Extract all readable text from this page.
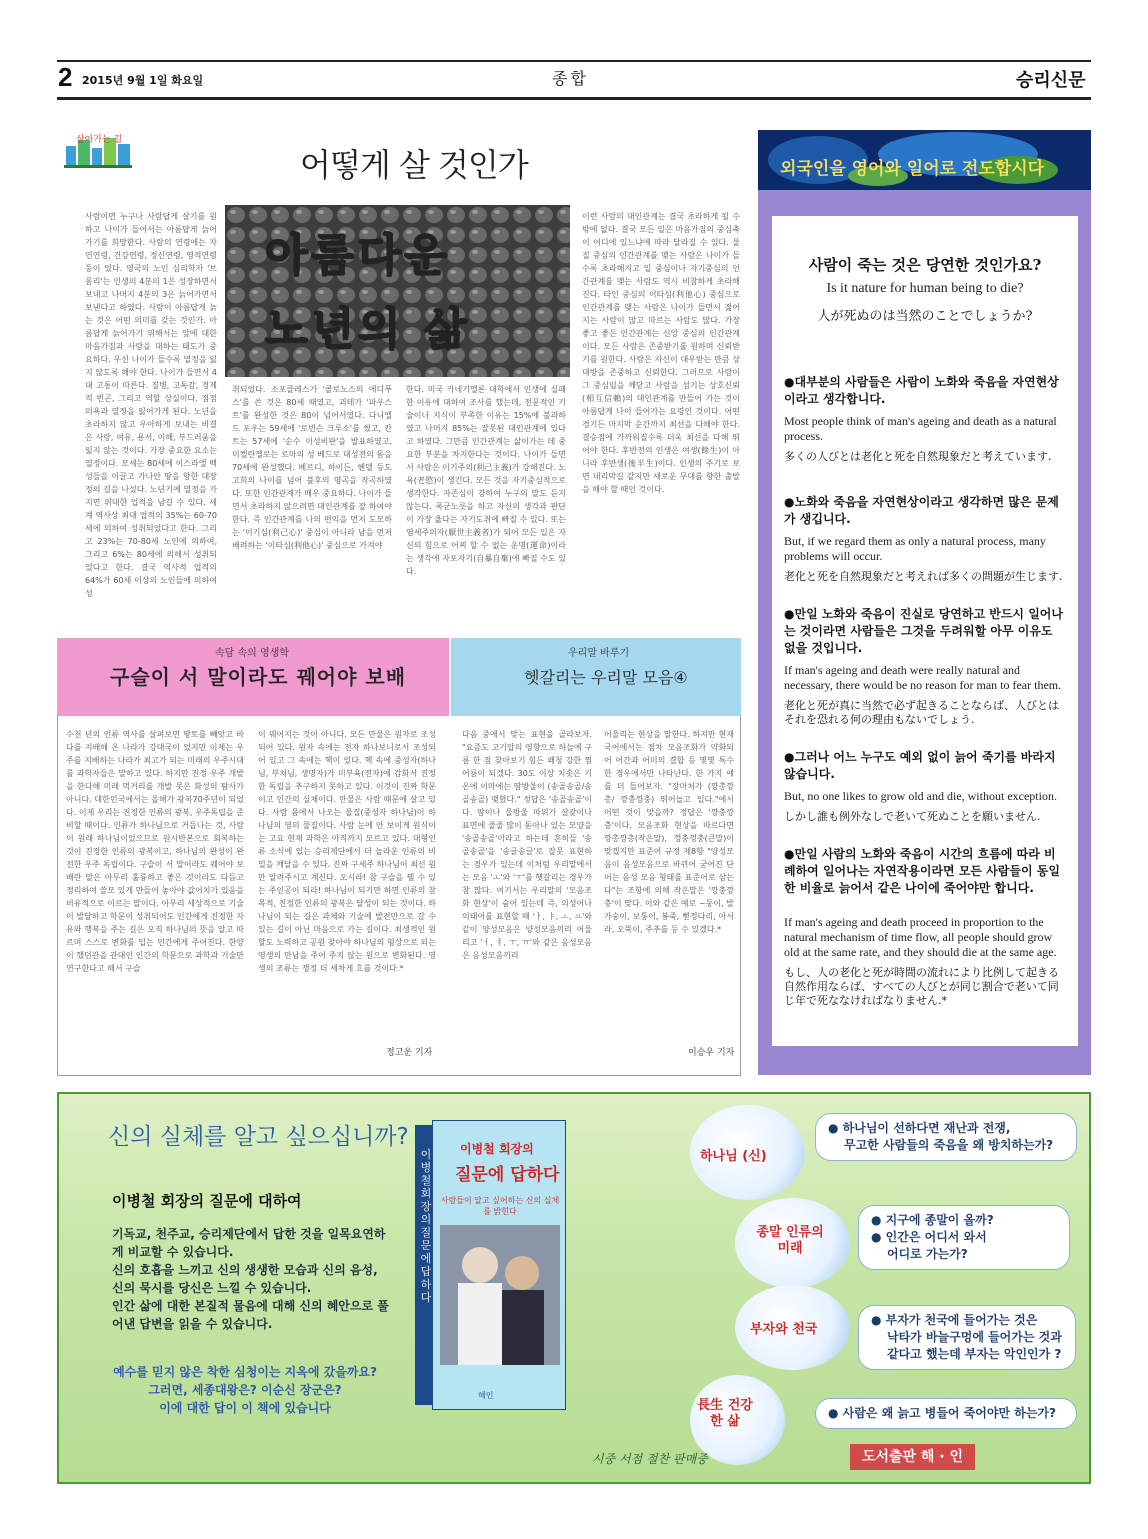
2 2015년 9월 1일 화요일	종합	승리신문
살아가는 길
어떻게 살 것인가
아름다운
노년의 삶
사람이면 누구나 사람답게 살기를 원하고 나이가 들어서는 아름답게 늙어가기를 희망한다. 사람의 연령에는 자연연령, 건강연령, 정신연령, 영적연령 등이 있다. 영국의 노인 심리학자 '브롬리'는 인생의 4분의 1은 성장하면서 보내고 나머지 4분의 3은 늙어가면서 보낸다고 하였다. 사람이 아름답게 늙는 것은 어떤 의미를 갖는 것인가. 아름답게 늙어가기 위해서는 앞에 대한 마음가짐과 사람을 대하는 태도가 중요하다. 우선 나이가 들수록 열정을 잃지 않도록 해야 한다. 나이가 들면서 4대 고통이 따른다. 질병, 고독감, 경제적 빈곤, 그리고 역할 상실이다. 점점 의욕과 열정을 잃어가게 된다. 노년을 초라하지 않고 우아하게 보내는 비결은 사랑, 여유, 용서, 이해, 부드러움을 잃지 않는 것이다. 가장 중요한 요소는 열정이다. 모세는 80세에 이스라엘 백성들을 이끌고 가나안 땅을 향한 대장정의 길을 나섰다. 노년기에 열정을 가지면 위대한 업적을 남길 수 있다. 세계 역사상 최대 업적의 35%는 60-70세에 의하여 성취되었다고 한다. 그리고 23%는 70-80세 노인에 의하여, 그리고 6%는 80세에 의해서 성취되었다고 한다. 결국 역사적 업적의 64%가 60세 이상의 노인들에 의하여 성
취되었다. 소포클레스가 '콜로노스의 에디푸스'를 쓴 것은 80세 때였고, 괴테가 '파우스트'를 완성한 것은 80이 넘어서였다. 다니엘 드 포우는 59세에 '로빈슨 크루소'를 썼고, 칸트는 57세에 '순수 이성비판'을 발표하였고, 미켈란젤로는 로마의 성 베드로 대성전의 돔을 70세에 완성했다. 베르디, 하이든, 헨델 등도 고희의 나이를 넘어 불후의 명곡을 작곡하였다. 또한 인간관계가 매우 중요하다. 나이가 들면서 초라하지 않으려면 대인관계를 잘 하여야 한다. 즉 인간관계를 나의 편익을 먼저 도모하는 '이기심(利己心)' 중심이 아니라 남을 먼저 배려하는 '이타심(利他心)' 중심으로 가져야
한다. 미국 카네기멜론 대학에서 인생에 실패한 이유에 대하여 조사를 했는데, 전문적인 기술이나 지식이 부족한 이유는 15%에 불과하였고 나머지 85%는 잘못된 대인관계에 있다고 하였다. 그만큼 인간관계는 삶이가는 데 중요한 부분을 차지한다는 것이다. 나이가 들면서 사람은 이기주의(利己主義)가 강해진다. 노욕(老慾)이 생긴다. 모든 것을 자기중심적으로 생각한다. 자존심이 강하여 누구의 말도 듣지 않는다. 폭군노릇을 하고 자신의 생각과 판단이 가장 옳다는 자기도취에 빠질 수 있다. 또는 염세주의자(厭世主義者)가 되어 모든 일은 자신의 힘으로 어찌 할 수 없는 운명(運命)이라는 생각에 자포자기(自暴自棄)에 빠질 수도 있다.
이런 사람의 대인관계는 결국 초라하게 될 수밖에 없다. 결국 모든 일은 마음가짐의 중심축이 어디에 있느냐에 따라 달라질 수 있다. 물질 중심의 인간관계를 맺는 사람은 나이가 들수록 초라해지고 일 중심이나 자기중심의 인간관계를 맺는 사람도 역시 비참하게 초라해진다. 타인 중심의 이타심(利他心) 중심으로 인간관계를 맺는 사람은 나이가 들면서 젊어지는 사람이 많고 따르는 사람도 많다. 가장 좋고 좋은 인간관계는 신앙 중심의 인간관계이다. 모든 사람은 존중받기를 원하며 신뢰받기를 원한다. 사람은 자신이 대우받는 만큼 상대방을 존중하고 신뢰한다. 그러므로 사람이 그 중심임을 깨닫고 사람을 섬기는 상호신뢰(相互信賴)의 대인관계를 만들어 가는 것이 아름답게 나이 들어가는 요령인 것이다. 어떤 경기든 마지막 순간까지 최선을 다해야 한다. 결승점에 가까워질수록 더욱 최선을 다해 뛰어야 한다. 후반전의 인생은 여생(餘生)이 아니라 후반생(後半生)이다. 인생의 주기로 보면 내리막길 같지만 새로운 무대를 향한 출발을 해야 할 때인 것이다.
외국인을 영어와 일어로 전도합시다
사람이 죽는 것은 당연한 것인가요?
Is it nature for human being to die?
人が死ぬのは当然のことでしょうか?
●대부분의 사람들은 사람이 노화와 죽음을 자연현상이라고 생각합니다.
Most people think of man's ageing and death as a natural process.
多くの人びとは老化と死を自然現象だと考えています.
●노화와 죽음을 자연현상이라고 생각하면 많은 문제가 생깁니다.
But, if we regard them as only a natural process, many problems will occur.
老化と死を自然現象だと考えれば多くの問題が生じます.
●만일 노화와 죽음이 진실로 당연하고 반드시 일어나는 것이라면 사람들은 그것을 두려워할 아무 이유도 없을 것입니다.
If man's ageing and death were really natural and necessary, there would be no reason for man to fear them.
老化と死が真に当然で必ず起きることならば、人びとはそれを恐れる何の理由もないでしょう.
●그러나 어느 누구도 예외 없이 늙어 죽기를 바라지 않습니다.
But, no one likes to grow old and die, without exception.
しかし誰も例外なしで老いて死ぬことを願いません.
●만일 사람의 노화와 죽음이 시간의 흐름에 따라 비례하여 일어나는 자연작용이라면 모든 사람들이 동일한 비율로 늙어서 같은 나이에 죽어야만 합니다.
If man's ageing and death proceed in proportion to the natural mechanism of time flow, all people should grow old at the same rate, and they should die at the same age.
もし、人の老化と死が時間の流れにより比例して起きる自然作用ならば、すべての人びとが同じ割合で老いて同じ年で死ななければなりません.*
속담 속의 영생학
구슬이 서 말이라도 꿰어야 보배
우리말 바루기
헷갈리는 우리말 모음④
수천 년의 인류 역사를 살펴보면 땅토를 빼앗고 바다를 지배해 온 나라가 강대국이 었지만 이제는 우주를 지배하는 나라가 최고가 되는 미래의 우주시대를 과학자들은 말하고 있다. 하지만 진정 우주 개발을 한다해 미래 먹거리를 개발 못은 화성의 탐사가 아니다. 대한민국에서는 올해가 광복70주년이 되었다. 이제 우리는 진정한 인류의 광복, 우주독립을 준비할 때이다. 인류가 하나님으로 거듭나는 것, 사람이 원래 하나님이었으므로 원시반본으로 회복하는 것이 진정한 인류의 광복이고, 하나님의 완성이 완전한 우주 독립이다. 구슬이 서 말이라도 꿰어야 보배란 말은 아무리 훌륭하고 좋은 것이라도 다듬고 정리하여 쓸모 있게 만들어 놓아야 값어치가 있음을 비유적으로 이르는 말이다. 아무리 세상적으로 기술이 발달하고 학문이 성취되어도 인간에게 진정한 자유와 행복을 주는 길은 오직 하나님의 뜻을 알고 따르며 스스로 변화를 입는 인간에게 주어진다. 한양이 했던관을 관대인 인간의 학문으로 과학과 기술만 연구한다고 해서 구슬
이 꿰어지는 것이 아니다. 모든 만물은 원자로 조성되어 있다. 원자 속에는 전자 하나보니로서 조성되어 있고 그 속에는 핵이 있다. 핵 속에 중성자(하나님, 부처님, 생명자)가 미부육(전자)에 감화서 진정한 독립을 추구하지 못하고 있다. 이것이 진짜 학문이고 인간의 실체이다. 만물은 사람 때문에 살고 있다. 사람 몸에서 나오는 물질(중성자 하나님)이 하나님의 영의 물질이다. 사람 눈에 안 보이게 원식이는 고요 현재 과학은 아직까지 모르고 있다. 대형인류 소식에 있는 승리제단에서 더 놀라운 인류의 비밀을 깨달을 수 있다. 진짜 구세주 하나님이 최선 원만 알려주시고 계신다. 오시라! 참 구슬을 꿸 수 있는 주인공이 되라! 하나님이 되기만 하면 인류의 참 목적, 진정한 인류의 광복은 달성이 되는 것이다. 하나님이 되는 길은 과체와 기술에 발전만으로 갈 수 있는 길이 아닌 마음으로 가는 길이다. 최생적인 원할도 노력하고 공원 찾아야 하나님의 형상으로 되는 영생의 만남을 주어 주지 않는 원으로 변화된다. 영생의 조류는 쟁정 더 세차게 흐를 것이다.*
정고운 기자
다음 중에서 맞는 표현을 골라보자. "요즘도 고기압의 영향으로 하늘에 구름 한 점 찾아보기 힘든 쾌청 강한 찜어름이 되겠다. 30도 이상 치솟은 기온에 이마에는 땀방울이 (송골송골/송골송골) 맺혔다." 정답은 '송골송골'이다. 땀이나 물방울 따위가 살갗이나 표면에 줄줄 많이 돋아나 있는 모양을 '송골송골'이라고 하는데 흔히들 '송골송골'을 '송글송글'로 잘못 표현하는 경우가 있는데 이처럼 우리말에서는 모음 'ㅗ'와 'ㅜ'를 헷갈리는 경우가 참 많다. 여기서는 우리말의 '모음조화 현상'이 숨어 있는데 즉, 의성어나 의태어를 표현할 때 'ㅏ, ㅑ, ㅗ, ㅛ'와 같이 양성모음은 양성모음끼리 어울리고 'ㅓ, ㅕ, ㅜ, ㅠ'와 같은 음성모음은 음성모음끼리
어울리는 현상을 말한다. 하지만 현재 국어에서는 점차 모음조화가 약화되어 어간과 어미의 결합 등 몇몇 특수한 경우에서만 나타난다. 한 가지 예를 더 들어보자. "장마처가 (깡총깡총/ 깡충깡충) 뛰어놀고 있다."에서 어떤 것이 맞을까? 정답은 '깡충깡충'이다. 모음조화 현상을 따르다면 깡총깡총(작은말), 껑충껑충(큰말)이 맞겠지만 표준어 규정 제8항 "양성모음이 음성모음으로 바뀌어 굳어진 단어는 음성 모음 형태를 표준어로 삼는다"는 조항에 의해 작은말은 '깡충깡충'이 맞다. 이와 같은 예로 ~둥이, 발가숭이, 보퉁이, 봉죽, 뻗정다리, 아서라, 오뚝이, 주추를 등 수 있겠다.*
이승우 기자
신의 실체를 알고 싶으십니까?
이병철 회장의 질문에 대하여
기독교, 천주교, 승리제단에서 답한 것을 일목요연하게 비교할 수 있습니다.
신의 호흡을 느끼고 신의 생생한 모습과 신의 음성, 신의 묵시를 당신은 느낄 수 있습니다.
인간 삶에 대한 본질적 물음에 대해 신의 혜안으로 풀어낸 답변을 읽을 수 있습니다.
예수를 믿지 않은 착한 심청이는 지옥에 갔을까요?
그러면, 세종대왕은? 이순신 장군은?
이에 대한 답이 이 책에 있습니다
이병철 회장의 질문에 답하다
이병철 회장의
질문에 답하다
사람들이 알고 싶어하는 신의 실체를 밝힌다
해인
하나님 (신)
종말 인류의 미래
부자와 천국
長生 건강한 삶
● 하나님이 선하다면 재난과 전쟁,
무고한 사람들의 죽음을 왜 방치하는가?
● 지구에 종말이 올까?
● 인간은 어디서 와서
어디로 가는가?
● 부자가 천국에 들어가는 것은
낙타가 바늘구멍에 들어가는 것과
같다고 했는데 부자는 악인인가 ?
● 사람은 왜 늙고 병들어 죽어야만 하는가?
시중 서점 절찬 판매중	도서출판 해 · 인
